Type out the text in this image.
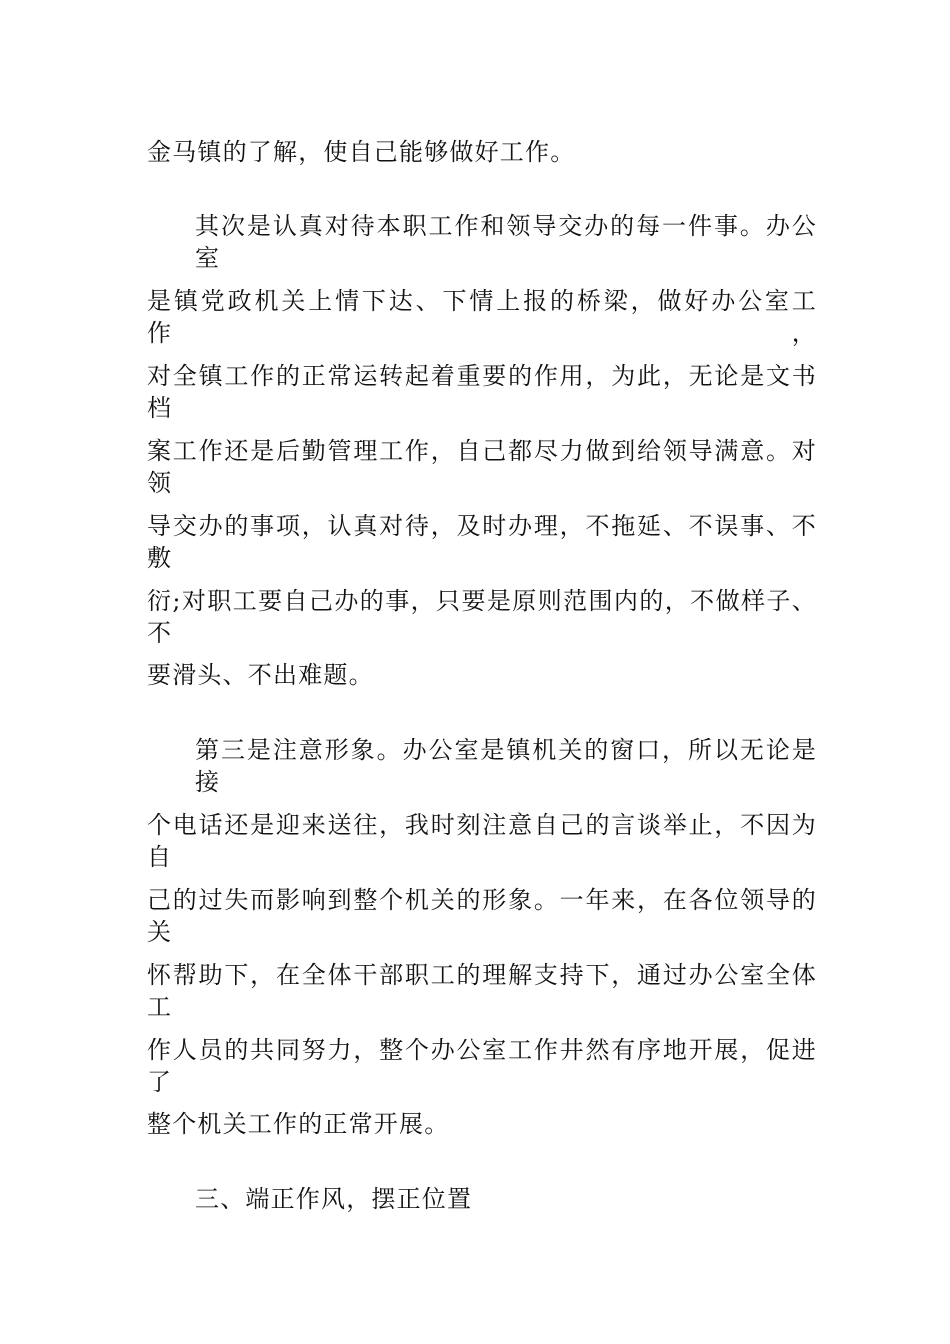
金马镇的了解，使自己能够做好工作。
其次是认真对待本职工作和领导交办的每一件事。办公室
是镇党政机关上情下达、下情上报的桥梁，做好办公室工作，
对全镇工作的正常运转起着重要的作用，为此，无论是文书档
案工作还是后勤管理工作，自己都尽力做到给领导满意。对领
导交办的事项，认真对待，及时办理，不拖延、不误事、不敷
衍;对职工要自己办的事，只要是原则范围内的，不做样子、不
要滑头、不出难题。
第三是注意形象。办公室是镇机关的窗口，所以无论是接
个电话还是迎来送往，我时刻注意自己的言谈举止，不因为自
己的过失而影响到整个机关的形象。一年来，在各位领导的关
怀帮助下，在全体干部职工的理解支持下，通过办公室全体工
作人员的共同努力，整个办公室工作井然有序地开展，促进了
整个机关工作的正常开展。
三、端正作风，摆正位置
